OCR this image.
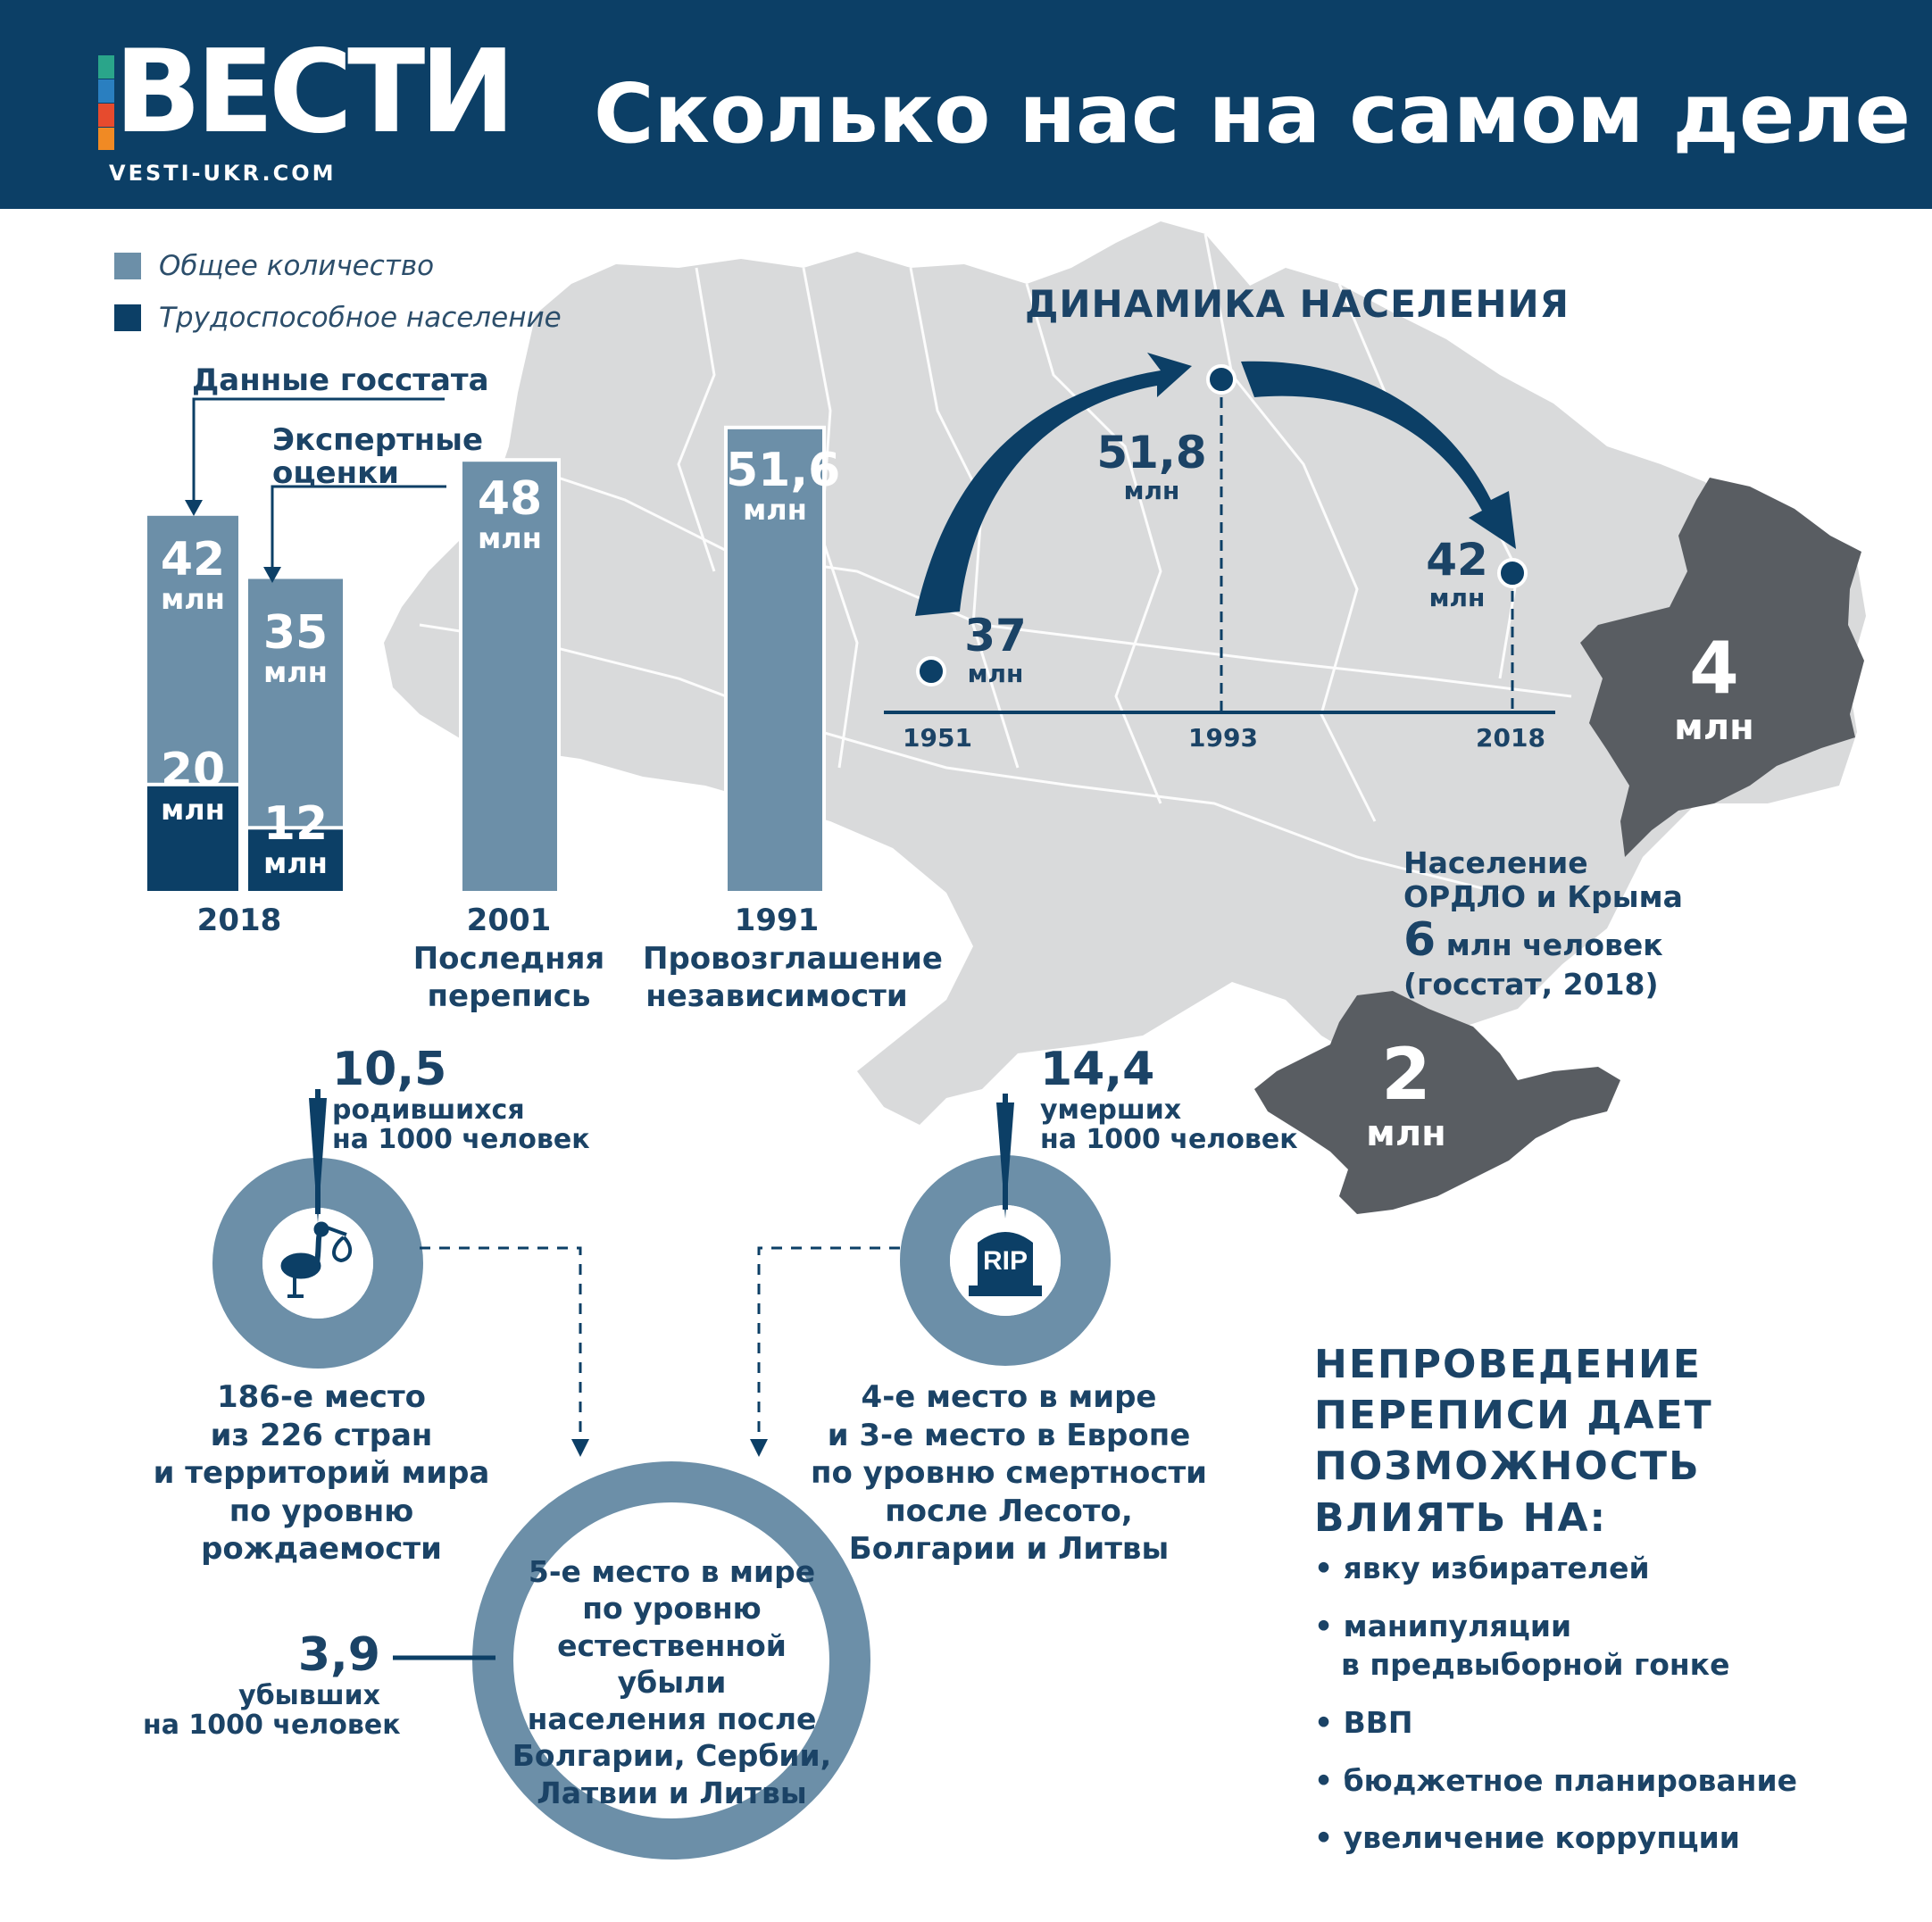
ВЕСТИ
VESTI-UKR.COM
Сколько нас на самом деле
RIP
Общее количество
Трудоспособное население
Данные госстата
Экспертные оценки
42
млн
20
млн
35
млн
12
млн
48
млн
51,6
млн
2018	2001
Последняя
перепись
1991
Провозглашение
независимости
ДИНАМИКА НАСЕЛЕНИЯ
37
млн
51,8
млн
42
млн
1951	1993	2018
4
млн
2
млн
Население
ОРДЛО и Крыма
6 млн человек
(госстат, 2018)
10,5
родившихся
на 1000 человек
186-е место
из 226 стран
и территорий мира
по уровню
рождаемости
14,4
умерших
на 1000 человек
4-е место в мире
и 3-е место в Европе
по уровню смертности
после Лесото,
Болгарии и Литвы
5-е место в мире
по уровню
естественной убыли
населения после
Болгарии, Сербии,
Латвии и Литвы
3,9
убывших
на 1000 человек
НЕПРОВЕДЕНИЕ
ПЕРЕПИСИ ДАЕТ
ПОЗМОЖНОСТЬ
ВЛИЯТЬ НА:
• явку избирателей
• манипуляции
в предвыборной гонке
• ВВП
• бюджетное планирование
• увеличение коррупции
